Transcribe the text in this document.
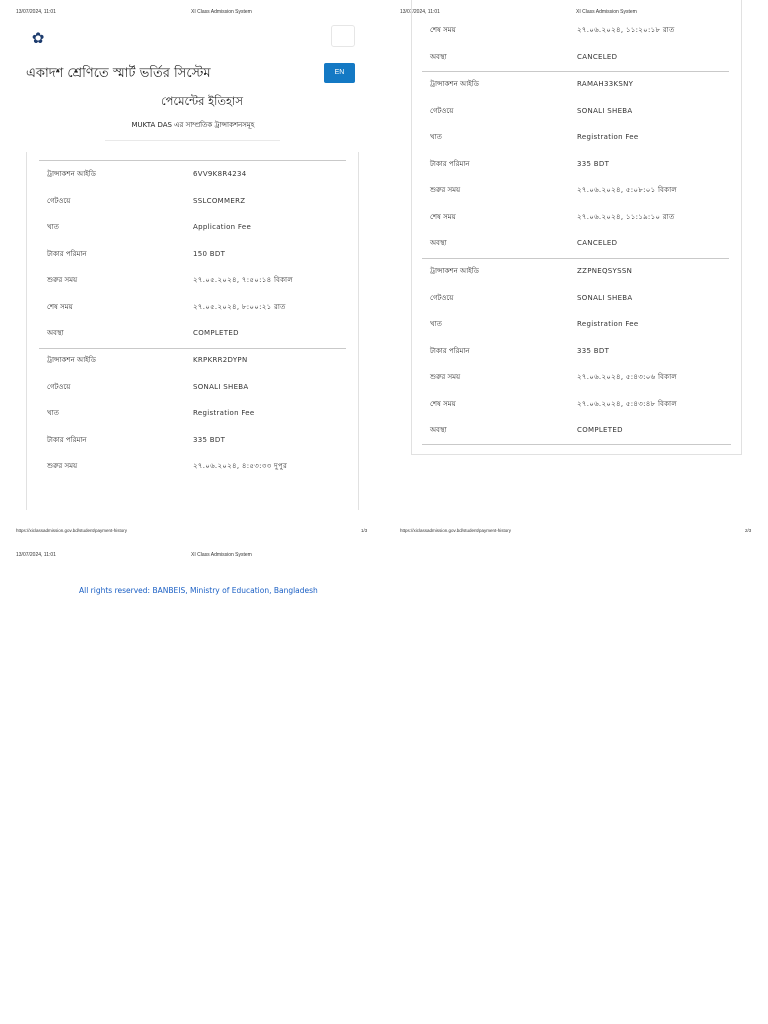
13/07/2024, 11:01	XI Class Admission System
✿
একাদশ শ্রেণিতে স্মার্ট ভর্তির সিস্টেম	EN
পেমেন্টের ইতিহাস
MUKTA DAS এর সাম্প্রতিক ট্রান্সাকশনসমূহ
ট্রান্সাকশন আইডি	6VV9K8R4234
গেটওয়ে	SSLCOMMERZ
খাত	Application Fee
টাকার পরিমান	150 BDT
শুরুর সময়	২৭.০৫.২০২৪, ৭:৫০:১৪ বিকাল
শেষ সময়	২৭.০৫.২০২৪, ৮:০০:২১ রাত
অবস্থা	COMPLETED
ট্রান্সাকশন আইডি	KRPKRR2DYPN
গেটওয়ে	SONALI SHEBA
খাত	Registration Fee
টাকার পরিমান	335 BDT
শুরুর সময়	২৭.০৬.২০২৪, ৪:৫৩:৩৩ দুপুর
https://xiclassadmission.gov.bd/student/payment-history	1/3
13/07/2024, 11:01	XI Class Admission System
শেষ সময়	২৭.০৬.২০২৪, ১১:২০:১৮ রাত
অবস্থা	CANCELED
ট্রান্সাকশন আইডি	RAMAH33KSNY
গেটওয়ে	SONALI SHEBA
খাত	Registration Fee
টাকার পরিমান	335 BDT
শুরুর সময়	২৭.০৬.২০২৪, ৫:০৮:০১ বিকাল
শেষ সময়	২৭.০৬.২০২৪, ১১:১৯:১০ রাত
অবস্থা	CANCELED
ট্রান্সাকশন আইডি	ZZPNEQSYSSN
গেটওয়ে	SONALI SHEBA
খাত	Registration Fee
টাকার পরিমান	335 BDT
শুরুর সময়	২৭.০৬.২০২৪, ৫:৪৩:০৬ বিকাল
শেষ সময়	২৭.০৬.২০২৪, ৫:৪৩:৪৮ বিকাল
অবস্থা	COMPLETED
https://xiclassadmission.gov.bd/student/payment-history	2/3
13/07/2024, 11:01	XI Class Admission System
All rights reserved: BANBEIS, Ministry of Education, Bangladesh
